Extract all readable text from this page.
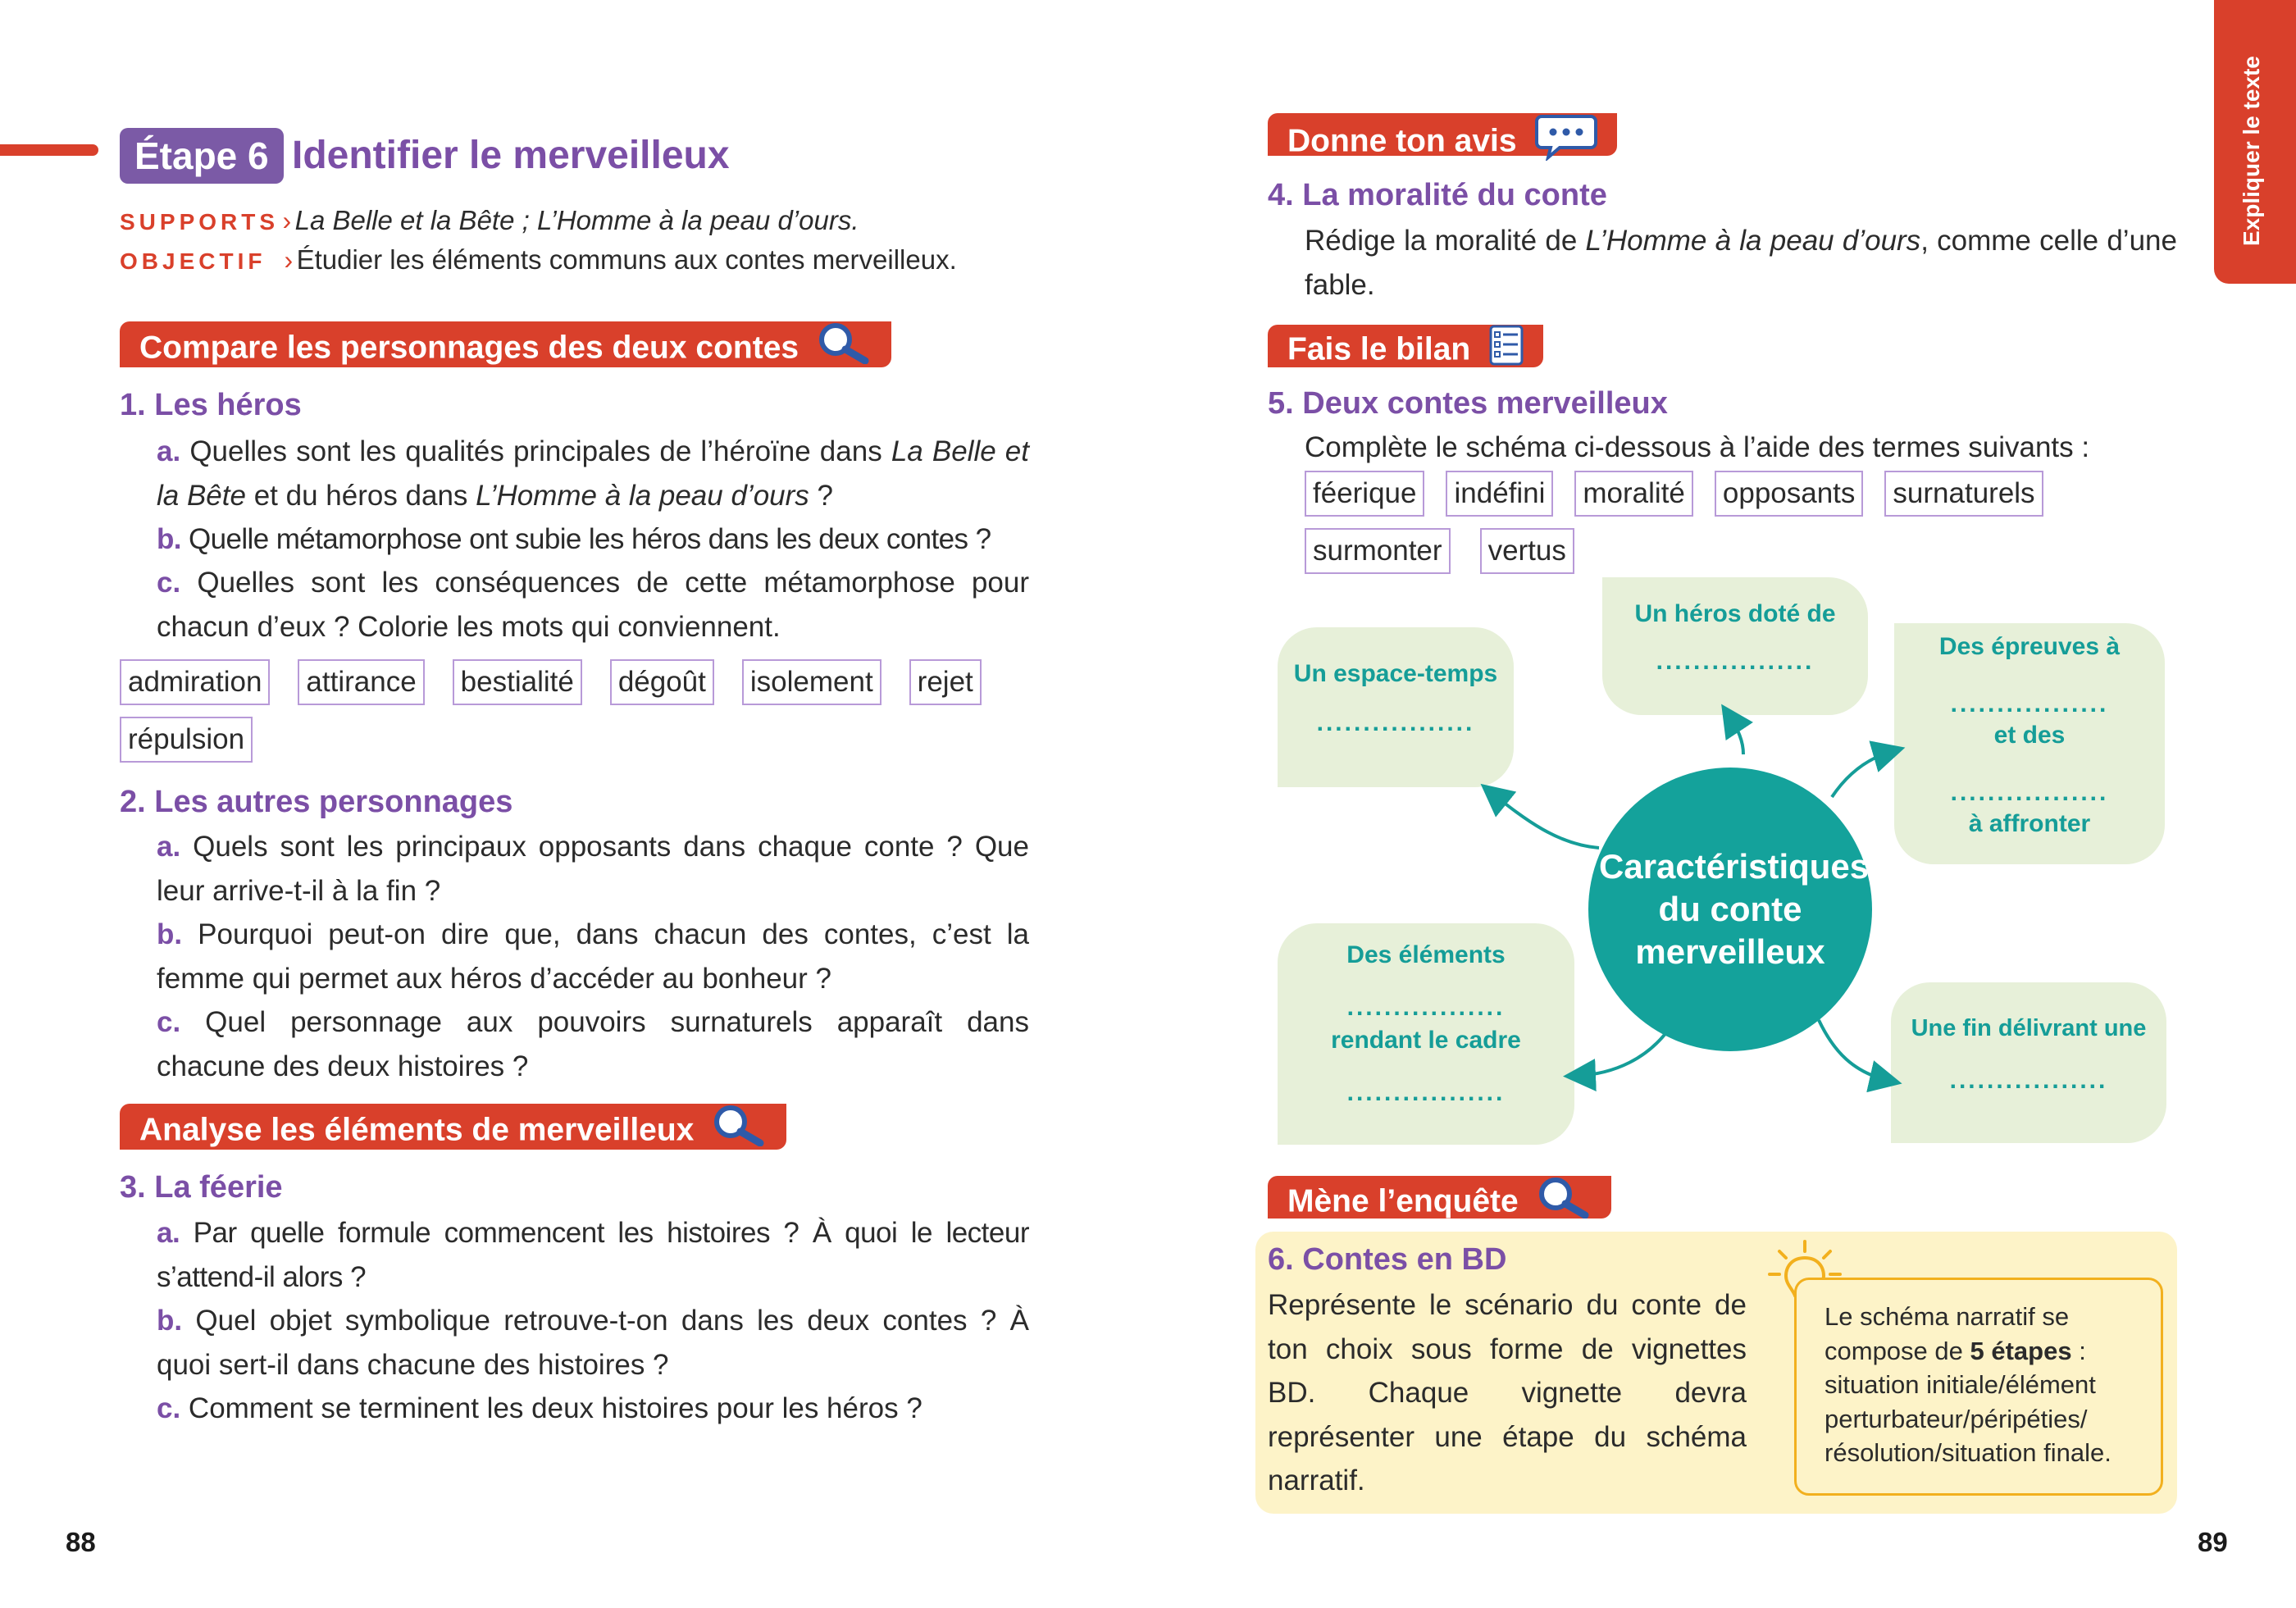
Étape 6 Identifier le merveilleux
SUPPORTS › La Belle et la Bête ; L’Homme à la peau d’ours.
OBJECTIF › Étudier les éléments communs aux contes merveilleux.
Compare les personnages des deux contes
1. Les héros
a. Quelles sont les qualités principales de l’héroïne dans La Belle et la Bête et du héros dans L’Homme à la peau d’ours ?
b. Quelle métamorphose ont subie les héros dans les deux contes ?
c. Quelles sont les conséquences de cette métamorphose pour chacun d’eux ? Colorie les mots qui conviennent.
admiration attirance bestialité dégoût isolement rejet
répulsion
2. Les autres personnages
a. Quels sont les principaux opposants dans chaque conte ? Que leur arrive-t-il à la fin ?
b. Pourquoi peut-on dire que, dans chacun des contes, c’est la femme qui permet aux héros d’accéder au bonheur ?
c. Quel personnage aux pouvoirs surnaturels apparaît dans chacune des deux histoires ?
Analyse les éléments de merveilleux
3. La féerie
a. Par quelle formule commencent les histoires ? À quoi le lecteur s’attend-il alors ?
b. Quel objet symbolique retrouve-t-on dans les deux contes ? À quoi sert-il dans chacune des histoires ?
c. Comment se terminent les deux histoires pour les héros ?
88
Expliquer le texte
Donne ton avis
4. La moralité du conte
Rédige la moralité de L’Homme à la peau d’ours, comme celle d’une fable.
Fais le bilan
5. Deux contes merveilleux
Complète le schéma ci-dessous à l’aide des termes suivants :
féerique indéfini moralité opposants surnaturels
surmonter vertus
Un espace-temps
.................
Un héros doté de
.................
Des épreuves à
.................
et des
.................
à affronter
Des éléments
.................
rendant le cadre
.................
Une fin délivrant une
.................
Caractéristiques du conte merveilleux
Mène l’enquête
6. Contes en BD
Représente le scénario du conte de ton choix sous forme de vignettes BD. Chaque vignette devra représenter une étape du schéma narratif.
Le schéma narratif se compose de 5 étapes : situation initiale/élément perturbateur/péripéties/ résolution/situation finale.
89
